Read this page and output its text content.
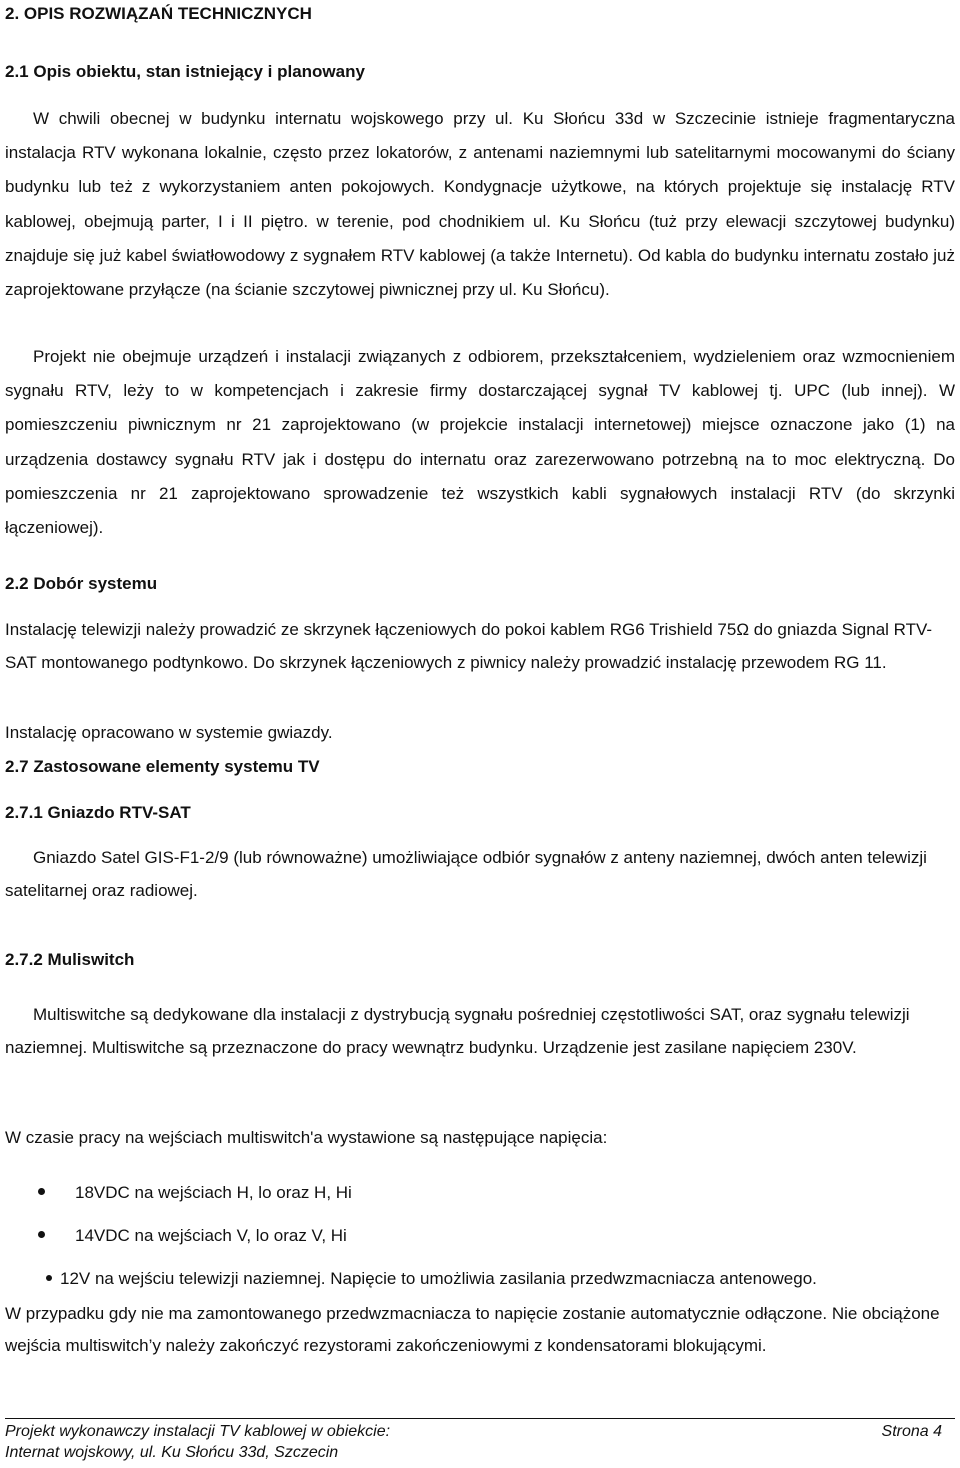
2. OPIS ROZWIĄZAŃ TECHNICZNYCH
2.1 Opis obiektu, stan istniejący i planowany

W chwili obecnej w budynku internatu wojskowego przy ul. Ku Słońcu 33d w Szczecinie istnieje fragmentaryczna instalacja RTV wykonana lokalnie, często przez lokatorów, z antenami naziemnymi lub satelitarnymi mocowanymi do ściany budynku lub też z wykorzystaniem anten pokojowych. Kondygnacje użytkowe, na których projektuje się instalację RTV kablowej, obejmują parter, I i II piętro. w terenie, pod chodnikiem ul. Ku Słońcu (tuż przy elewacji szczytowej budynku) znajduje się już kabel światłowodowy z sygnałem RTV kablowej (a także Internetu). Od kabla do budynku internatu zostało już zaprojektowane przyłącze (na ścianie szczytowej piwnicznej przy ul. Ku Słońcu).

Projekt nie obejmuje urządzeń i instalacji związanych z odbiorem, przekształceniem, wydzieleniem oraz wzmocnieniem sygnału RTV, leży to w kompetencjach i zakresie firmy dostarczającej sygnał TV kablowej tj. UPC (lub innej). W pomieszczeniu piwnicznym nr 21 zaprojektowano (w projekcie instalacji internetowej) miejsce oznaczone jako (1) na urządzenia dostawcy sygnału RTV jak i dostępu do internatu oraz zarezerwowano potrzebną na to moc elektryczną. Do pomieszczenia nr 21 zaprojektowano sprowadzenie też wszystkich kabli sygnałowych instalacji RTV (do skrzynki łączeniowej).

2.2 Dobór systemu

Instalację telewizji należy prowadzić ze skrzynek łączeniowych do pokoi kablem RG6 Trishield 75Ω do gniazda Signal RTV-SAT montowanego podtynkowo. Do skrzynek łączeniowych z piwnicy należy prowadzić instalację przewodem RG 11.

Instalację opracowano w systemie gwiazdy.
2.7 Zastosowane elementy systemu TV
2.7.1 Gniazdo RTV-SAT

Gniazdo Satel GIS-F1-2/9 (lub równoważne) umożliwiające odbiór sygnałów z anteny naziemnej, dwóch anten telewizji satelitarnej oraz radiowej.

2.7.2 Muliswitch

Multiswitche są dedykowane dla instalacji z dystrybucją sygnału pośredniej częstotliwości SAT, oraz sygnału telewizji naziemnej. Multiswitche są przeznaczone do pracy wewnątrz budynku. Urządzenie jest zasilane napięciem 230V.

W czasie pracy na wejściach multiswitch'a wystawione są następujące napięcia:
18VDC na wejściach H, lo oraz H, Hi
14VDC na wejściach V, lo oraz V, Hi
12V na wejściu telewizji naziemnej. Napięcie to umożliwia zasilania przedwzmacniacza antenowego.

W przypadku gdy nie ma zamontowanego przedwzmacniacza to napięcie zostanie automatycznie odłączone. Nie obciążone wejścia multiswitch’y należy zakończyć rezystorami zakończeniowymi z kondensatorami blokującymi.

Projekt wykonawczy instalacji TV kablowej w obiekcie:
Internat wojskowy, ul. Ku Słońcu 33d, Szczecin
Strona 4
